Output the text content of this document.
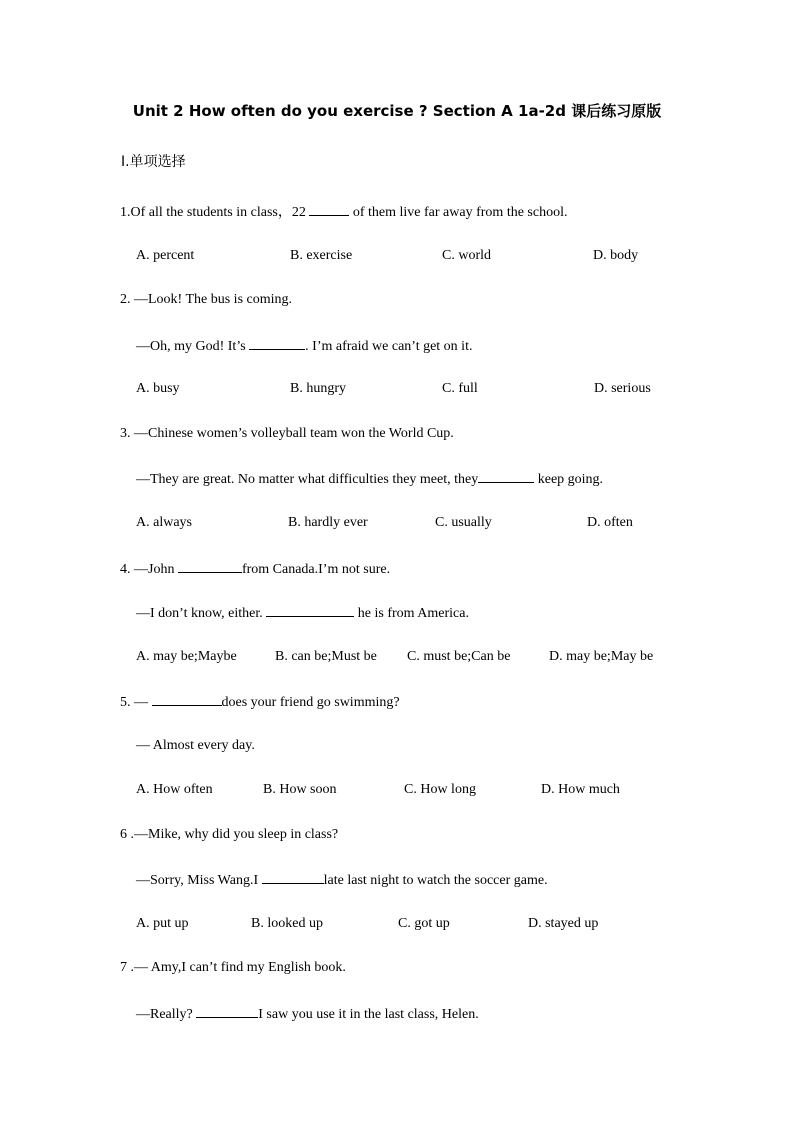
Unit 2 How often do you exercise ? Section A 1a-2d 课后练习原版
Ⅰ.单项选择
1.Of all the students in class，22	of them live far away from the school.
A. percent	B. exercise	C. world	D. body
2. —Look! The bus is coming.
—Oh, my God! It’s	. I’m afraid we can’t get on it.
A. busy	B. hungry	C. full	D. serious
3. —Chinese women’s volleyball team won the World Cup.
—They are great. No matter what difficulties they meet, they	keep going.
A. always	B. hardly ever	C. usually	D. often
4. —John	from Canada.I’m not sure.
—I don’t know, either.	he is from America.
A. may be;Maybe	B. can be;Must be C. must be;Can be	D. may be;May be
5. —	does your friend go swimming?
— Almost every day.
A. How often	B. How soon	C. How long	D. How much
6 .—Mike, why did you sleep in class?
—Sorry, Miss Wang.I	late last night to watch the soccer game.
A. put up	B. looked up	C. got up	D. stayed up
7 .— Amy,I can’t find my English book.
—Really?	I saw you use it in the last class, Helen.
